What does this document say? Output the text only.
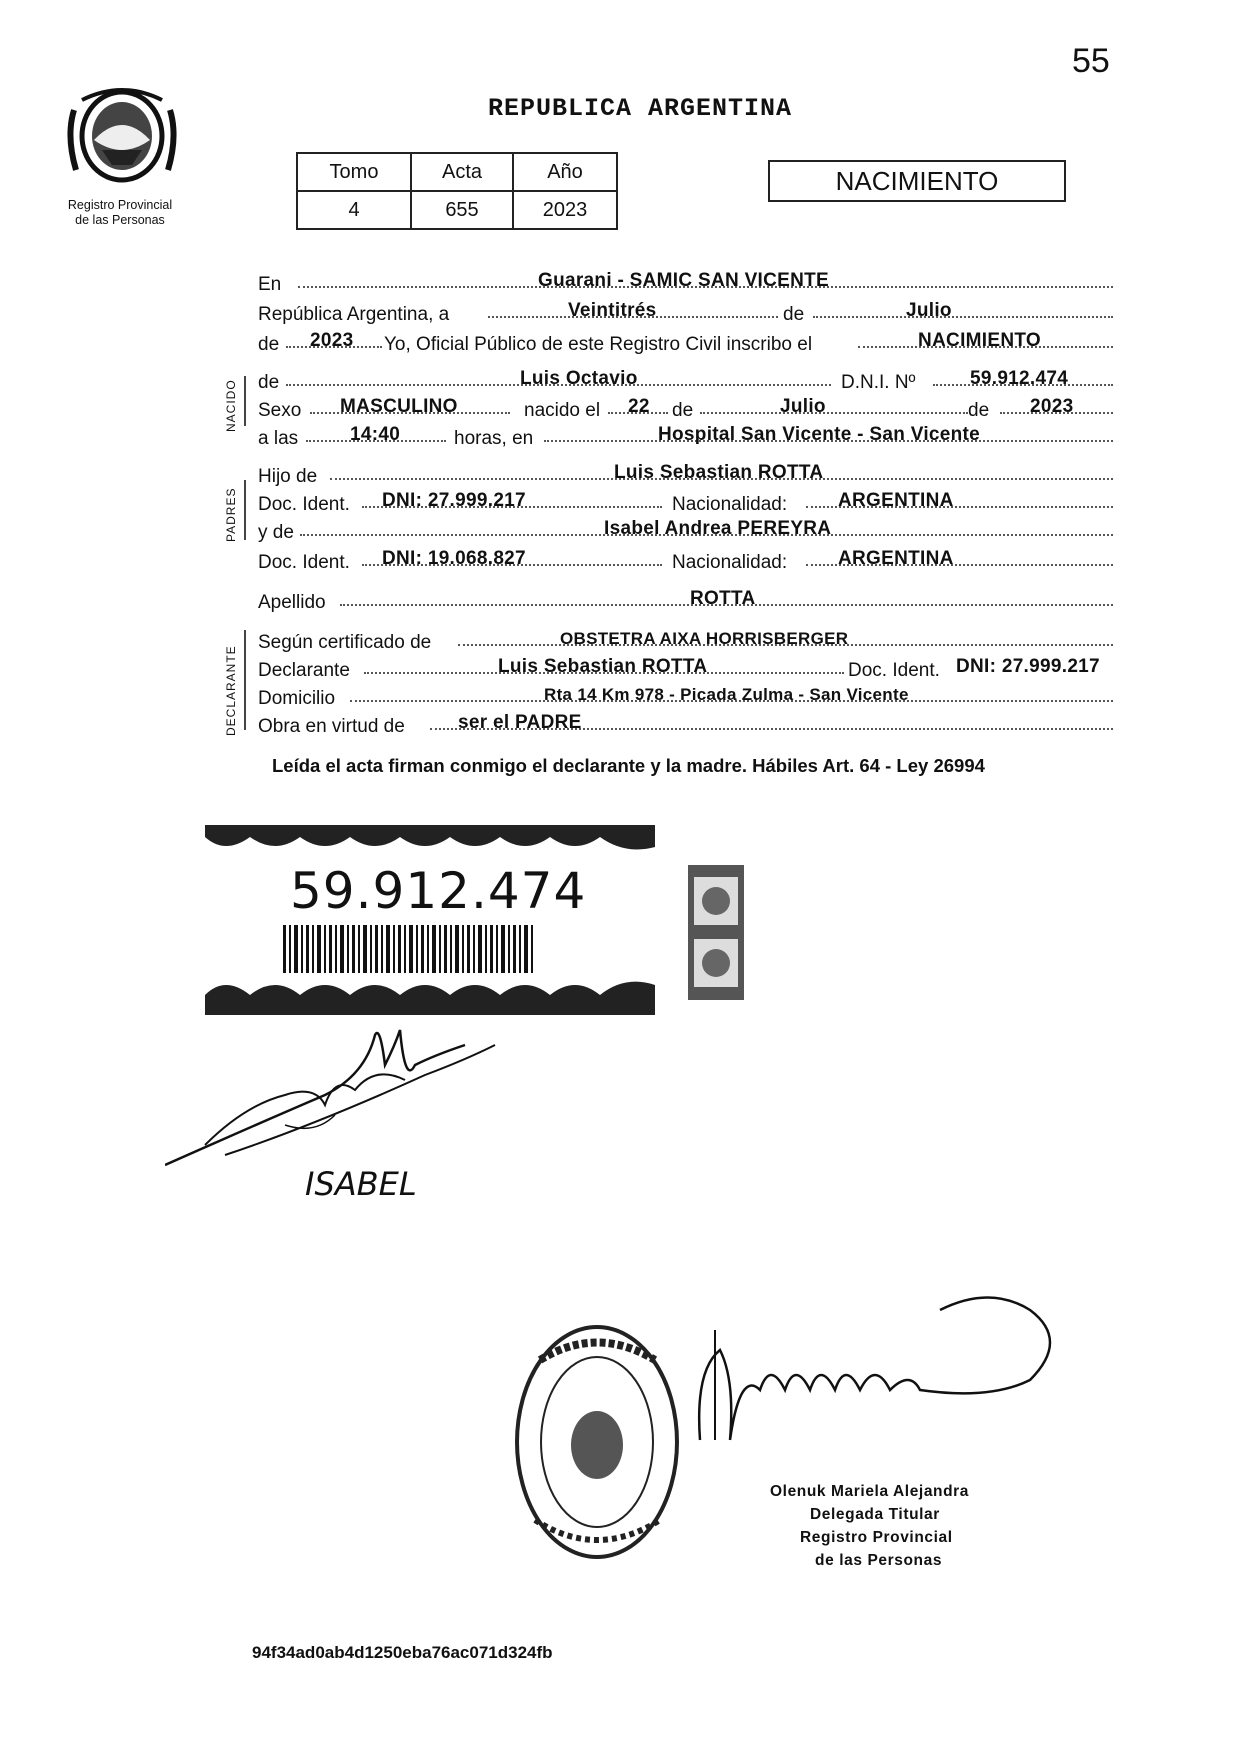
55
Registro Provincial
de las Personas
REPUBLICA ARGENTINA
Tomo	Acta	Año
4	655	2023
NACIMIENTO
NACIDO
PADRES
DECLARANTE
En	Guarani - SAMIC SAN VICENTE
República Argentina, a	Veintitrés	de	Julio
de 2023 Yo, Oficial Público de este Registro Civil inscribo el	NACIMIENTO
de	Luis Octavio	D.N.I. Nº	59.912.474
Sexo MASCULINO	nacido el 22 de	Julio	de 2023
a las	14:40	horas, en	Hospital San Vicente - San Vicente
Hijo de	Luis Sebastian ROTTA
Doc. Ident. DNI: 27.999.217	Nacionalidad:	ARGENTINA
y de	Isabel Andrea PEREYRA
Doc. Ident. DNI: 19.068.827	Nacionalidad:	ARGENTINA
Apellido	ROTTA
Según certificado de	OBSTETRA AIXA HORRISBERGER
Declarante	Luis Sebastian ROTTA	Doc. Ident. DNI: 27.999.217
Domicilio	Rta 14 Km 978 - Picada Zulma - San Vicente
Obra en virtud de	ser el PADRE
Leída el acta firman conmigo el declarante y la madre. Hábiles Art. 64 - Ley 26994
59.912.474
ISABEL
Olenuk Mariela Alejandra
Delegada Titular
Registro Provincial
de las Personas
94f34ad0ab4d1250eba76ac071d324fb
